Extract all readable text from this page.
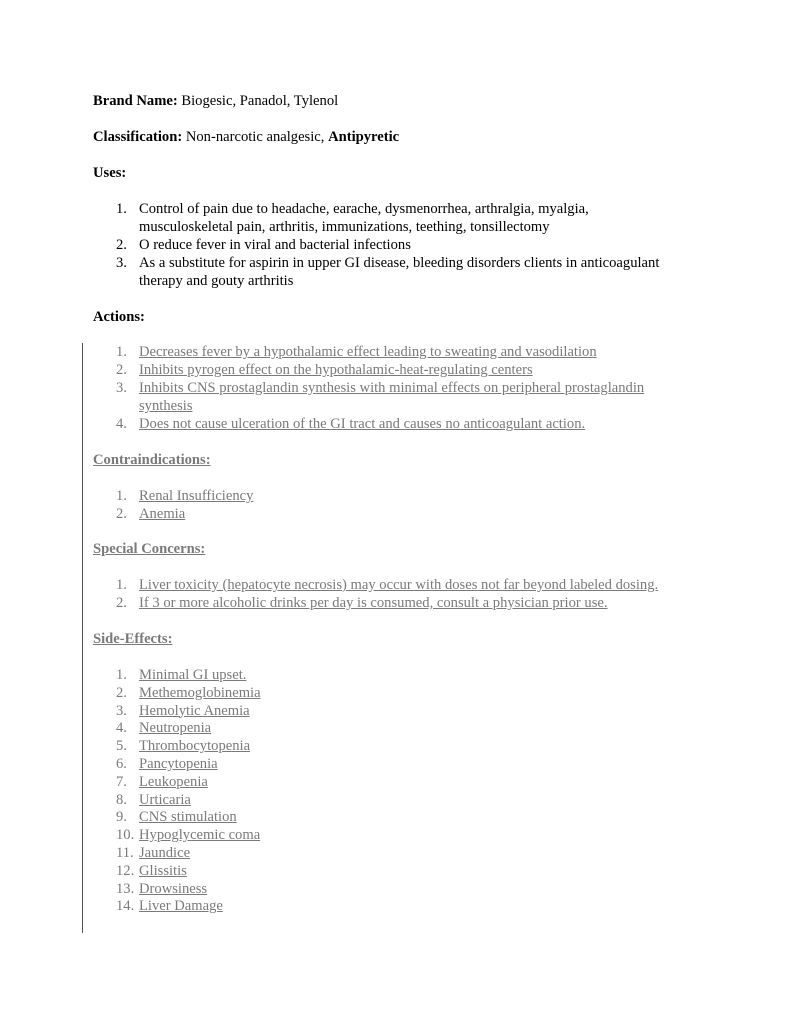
Brand Name: Biogesic, Panadol, Tylenol
Classification: Non-narcotic analgesic, Antipyretic
Uses:
1. Control of pain due to headache, earache, dysmenorrhea, arthralgia, myalgia,
musculoskeletal pain, arthritis, immunizations, teething, tonsillectomy
2. O reduce fever in viral and bacterial infections
3. As a substitute for aspirin in upper GI disease, bleeding disorders clients in anticoagulant
therapy and gouty arthritis
Actions:
1. Decreases fever by a hypothalamic effect leading to sweating and vasodilation
2. Inhibits pyrogen effect on the hypothalamic-heat-regulating centers
3. Inhibits CNS prostaglandin synthesis with minimal effects on peripheral prostaglandin
synthesis
4. Does not cause ulceration of the GI tract and causes no anticoagulant action.
Contraindications:
1. Renal Insufficiency
2. Anemia
Special Concerns:
1. Liver toxicity (hepatocyte necrosis) may occur with doses not far beyond labeled dosing.
2. If 3 or more alcoholic drinks per day is consumed, consult a physician prior use.
Side-Effects:
1. Minimal GI upset.
2. Methemoglobinemia
3. Hemolytic Anemia
4. Neutropenia
5. Thrombocytopenia
6. Pancytopenia
7. Leukopenia
8. Urticaria
9. CNS stimulation
10. Hypoglycemic coma
11. Jaundice
12. Glissitis
13. Drowsiness
14. Liver Damage
